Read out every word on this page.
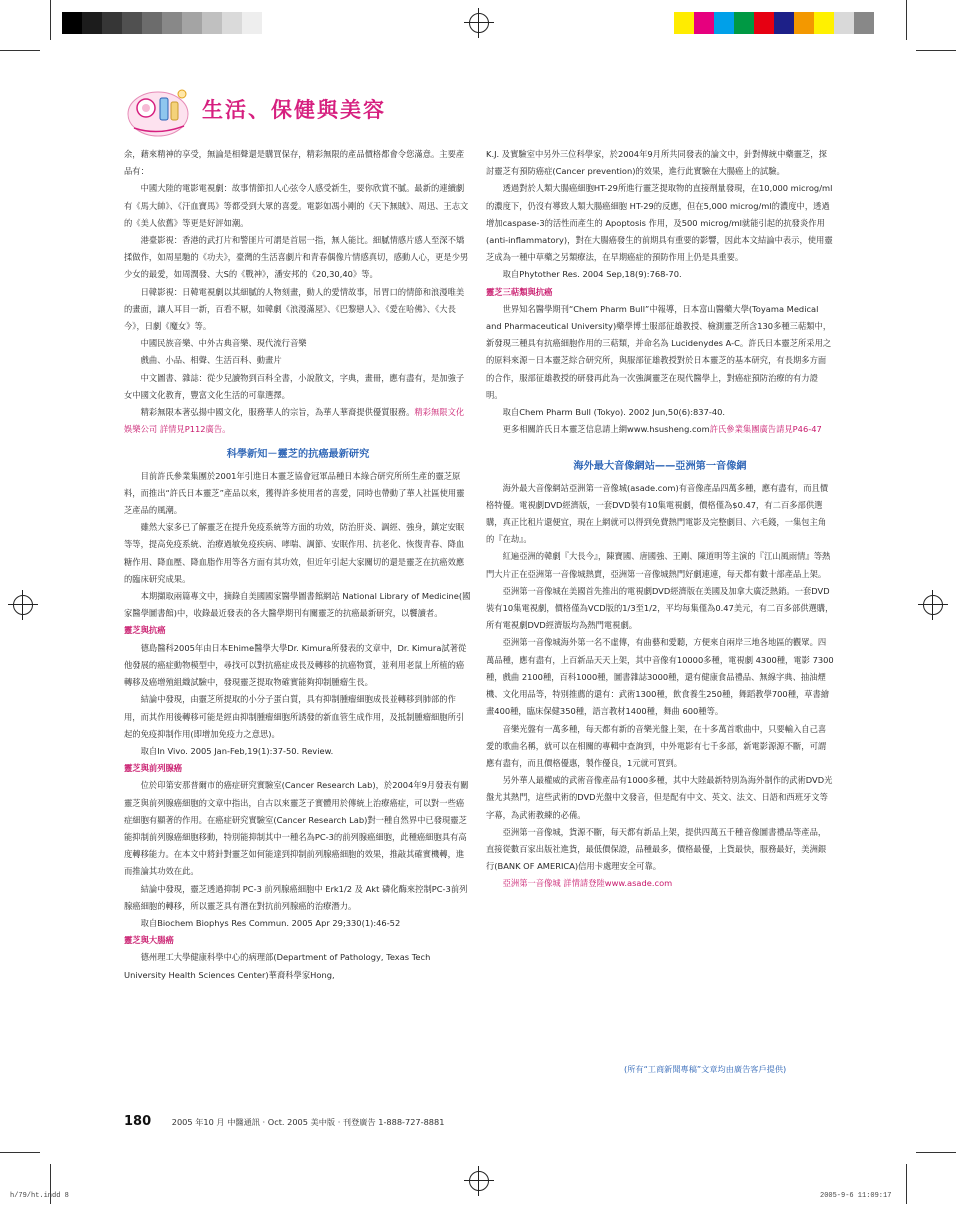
生活、保健與美容

余，藉來精神的享受，無論是相聲還是購買保存，精彩無限的產品價格都會令您滿意。主要產品有：

中國大陸的電影電視劇：故事情節扣人心弦令人感受新生，要你欣賞不膩。最新的連續劇有《馬大帥》、《汗血寶馬》等都受到大眾的喜愛。電影如馮小剛的《天下無賊》、周迅、王志文的《美人依舊》等更是好評如潮。

港臺影視：香港的武打片和警匪片可謂是首屈一指，無人能比。細膩情感片感人至深不矯揉做作，如周星馳的《功夫》，臺灣的生活喜劇片和青春偶像片情感真切，感動人心，更是少男少女的最愛，如周潤發、大S的《戰神》，潘安邦的《20,30,40》等。

日韓影視：日韓電視劇以其細膩的人物刻畫，動人的愛情故事，吊胃口的情節和浪漫唯美的畫面，讓人耳目一新，百看不厭，如韓劇《浪漫滿屋》、《巴黎戀人》、《愛在哈佛》、《大長今》，日劇《魔女》等。

中國民族音樂、中外古典音樂、現代流行音樂

戲曲、小品、相聲、生活百科、動畫片

中文圖書、雜誌：從少兒讀物到百科全書，小說散文，字典，畫冊，應有盡有，是加強子女中國文化教育，豐富文化生活的可靠選擇。

精彩無限本著弘揚中國文化，服務華人的宗旨，為華人華裔提供優質服務。精彩無限文化娛樂公司 詳情見P112廣告。

科學新知－靈芝的抗癌最新研究

目前許氏參業集團於2001年引進日本靈芝協會冠軍品種日本綠合研究所所生產的靈芝原料，而推出“許氏日本靈芝”產品以來，獲得許多使用者的喜愛，同時也帶動了華人社區使用靈芝產品的風潮。

雖然大家多已了解靈芝在提升免疫系統等方面的功效，防治肝炎、調經、強身，鎮定安眠等等，提高免疫系統、治療過敏免疫疾病、哮喘、調節、安眠作用、抗老化、恢復青春、降血糖作用、降血壓、降血脂作用等各方面有其功效，但近年引起大家關切的還是靈芝在抗癌效應的臨床研究成果。

本期擷取兩篇專文中，摘錄自美國國家醫學圖書館網站 National Library of Medicine(國家醫學圖書館)中，收錄最近發表的各大醫學期刊有關靈芝的抗癌最新研究，以饗讀者。

靈芝與抗癌

德島醫科2005年由日本Ehime醫學大學Dr. Kimura所發表的文章中，Dr. Kimura試著從他發展的癌症動物模型中，尋找可以對抗癌症成長及轉移的抗癌物質，並利用老鼠上所植的癌轉移及癌增殖組織試驗中，發現靈芝提取物確實能夠抑制腫瘤生長。

結論中發現，由靈芝所提取的小分子蛋白質，具有抑制腫瘤細胞成長並轉移到肺部的作用，而其作用後轉移可能是經由抑制腫瘤細胞所誘發的新血管生成作用，及抵制腫瘤細胞所引起的免疫抑制作用(即增加免疫力之意思)。

取自In Vivo. 2005 Jan-Feb,19(1):37-50. Review.

靈芝與前列腺癌

位於印第安那普爾市的癌症研究實驗室(Cancer Research Lab)，於2004年9月發表有關靈芝與前列腺癌細胞的文章中指出，自古以來靈芝子實體用於傳統上治療癌症，可以對一些癌症細胞有顯著的作用。在癌症研究實驗室(Cancer Research Lab)對一種自然界中已發現靈芝能抑制前列腺癌細胞移動，特別能抑制其中一種名為PC-3的前列腺癌細胞，此種癌細胞具有高度轉移能力。在本文中將針對靈芝如何能達到抑制前列腺癌細胞的效果，推敲其確實機轉，進而推論其功效在此。

結論中發現，靈芝透過抑制 PC-3 前列腺癌細胞中 Erk1/2 及 Akt 磷化酶來控制PC-3前列腺癌細胞的轉移，所以靈芝具有潛在對抗前列腺癌的治療潛力。

取自Biochem Biophys Res Commun. 2005 Apr 29;330(1):46-52

靈芝與大腸癌

德州理工大學健康科學中心的病理部(Department of Pathology, Texas Tech University Health Sciences Center)華裔科學家Hong,

K.J. 及實驗室中另外三位科學家，於2004年9月所共同發表的論文中，針對傳統中藥靈芝，探討靈芝有預防癌症(Cancer prevention)的效果，進行此實驗在大腸癌上的試驗。

透過對於人類大腸癌細胞HT-29所進行靈芝提取物的直接劑量發現，在10,000 microg/ml的濃度下，仍沒有導致人類大腸癌細胞 HT-29的反應，但在5,000 microg/ml的濃度中，透過增加caspase-3的活性而產生的 Apoptosis 作用，及500 microg/ml就能引起的抗發炎作用(anti-inflammatory)，對在大腸癌發生的前期具有重要的影響，因此本文結論中表示，使用靈芝成為一種中草藥之另類療法，在早期癌症的預防作用上仍是具重要。

取自Phytother Res. 2004 Sep,18(9):768-70.

靈芝三萜類與抗癌

世界知名醫學期刊“Chem Pharm Bull”中報導，日本富山醫藥大學(Toyama Medical and Pharmaceutical University)藥學博士服部征雄教授、檢測靈芝所含130多種三萜類中，新發現三種具有抗癌細胞作用的三萜類，并命名為 Lucidenydes A-C。許氏日本靈芝所采用之的原料來源－日本靈芝綜合研究所，與服部征雄教授對於日本靈芝的基本研究，有長期多方面的合作，服部征雄教授的研發再此為一次強調靈芝在現代醫學上，對癌症預防治療的有力證明。

取自Chem Pharm Bull (Tokyo). 2002 Jun,50(6):837-40.

更多相關許氏日本靈芝信息請上網www.hsusheng.com許氏參業集團廣告請見P46-47

海外最大音像網站——亞洲第一音像網

海外最大音像網站亞洲第一音像城(asade.com)有音像產品四萬多種，應有盡有，而且價格特優。電視劇DVD經濟版，一套DVD裝有10集電視劇，價格僅為$0.47，有二百多部供選購，真正比租片還便宜，現在上網就可以得到免費熱門電影及完整劇目、六毛錢，一集包主角的『在劫』。

紅遍亞洲的韓劇『大長今』，陳寶國、唐國強、王剛、陳道明等主演的『江山風雨情』等熱門大片正在亞洲第一音像城熱賣，亞洲第一音像城熱門好劇連連，每天都有數十部產品上架。

亞洲第一音像城在美國首先推出的電視劇DVD經濟版在美國及加拿大廣泛熱銷。一套DVD裝有10集電視劇，價格僅為VCD版的1/3至1/2，平均每集僅為0.47美元，有二百多部供選購，所有電視劇DVD經濟版均為熱門電視劇。

亞洲第一音像城海外第一名不虛傳，有曲藝和愛聽，方便來自兩岸三地各地區的觀眾。四萬品種，應有盡有，上百新品天天上架，其中音像有10000多種，電視劇 4300種，電影 7300種，戲曲 2100種，百科1000種，圖書雜誌3000種，還有健康食品禮品、無線字典、抽油煙機、文化用品等，特別推薦的還有：武術1300種，飲食養生250種，舞蹈教學700種，草書繪畫400種，臨床保健350種，語言教材1400種，舞曲 600種等。

音樂光盤有一萬多種，每天都有新的音樂光盤上架，在十多萬首歌曲中，只要輸入自己喜愛的歌曲名稱，就可以在相關的專輯中查詢到，中外電影有七千多部，新電影源源不斷，可謂應有盡有，而且價格優惠，製作優良，1元就可買到。

另外華人最權威的武術音像產品有1000多種，其中大陸最新特別為海外制作的武術DVD光盤尤其熱門，這些武術的DVD光盤中文發音，但是配有中文、英文、法文、日語和西班牙文等字幕，為武術教練的必備。

亞洲第一音像城，貨源不斷，每天都有新品上架，提供四萬五千種音像圖書禮品等產品，直接從數百家出版社進貨，最低價保證，品種最多，價格最優，上貨最快，服務最好，美洲銀行(BANK OF AMERICA)信用卡處理安全可靠。

亞洲第一音像城 詳情請登陸www.asade.com

(所有“工商新聞專稿”文章均由廣告客戶提供)
180	2005 年10 月 中醫通訊 · Oct. 2005 美中版 · 刊登廣告 1-888-727-8881
h/79/ht.indd 8	2005-9-6 11:09:17
